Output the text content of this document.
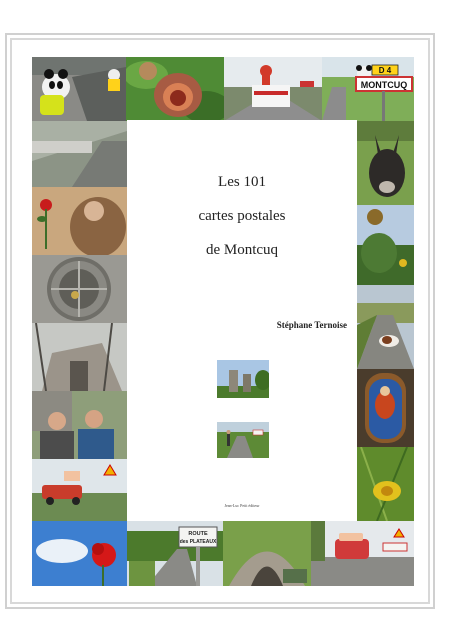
D 4
MONTCUQ
ROUTE
des PLATEAUX
Les 101
cartes postales
de Montcuq
Stéphane Ternoise
Jean-Luc Petit éditeur
